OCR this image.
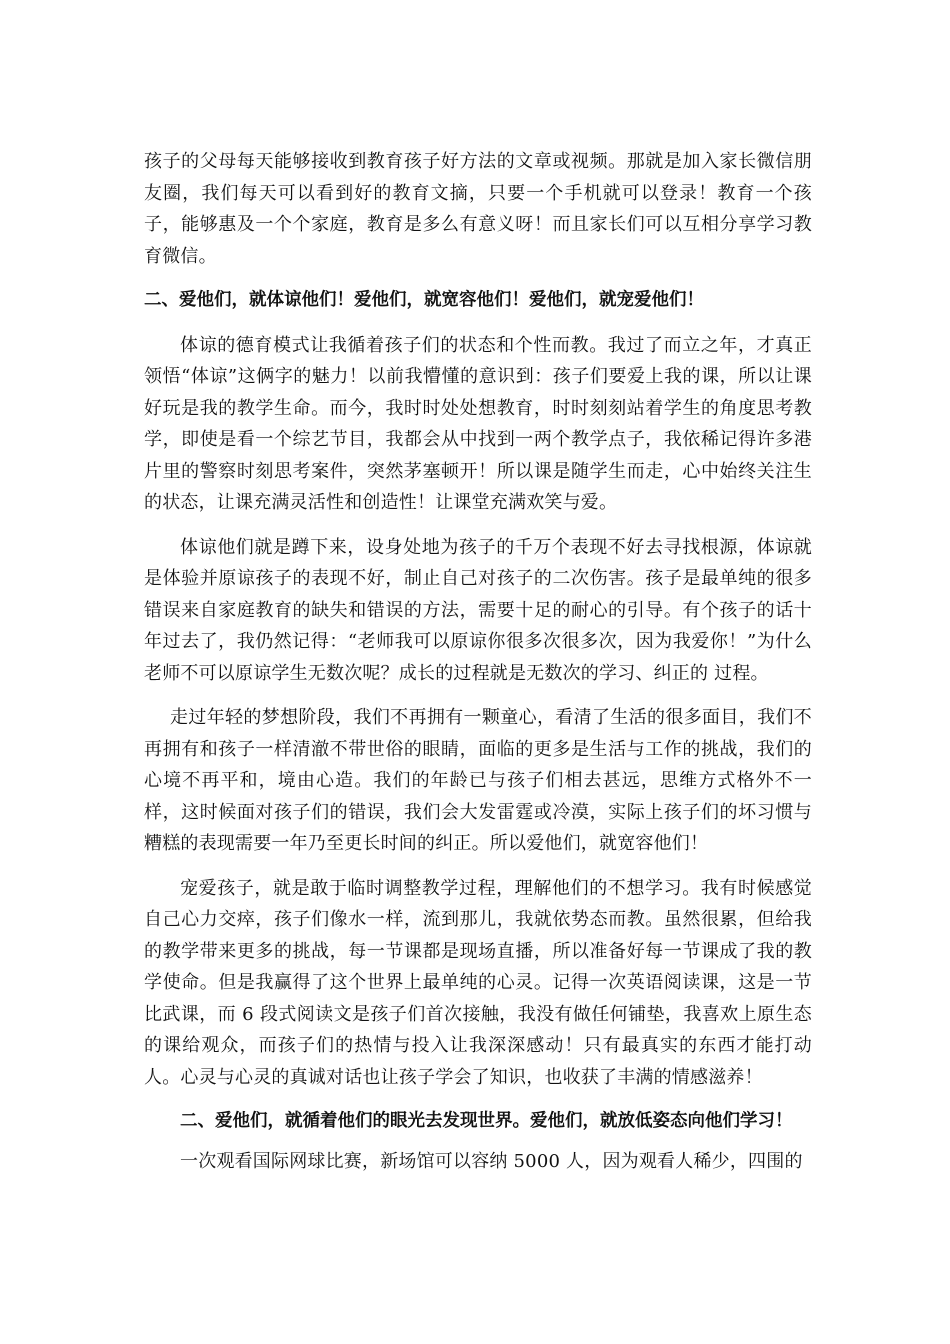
孩子的父母每天能够接收到教育孩子好方法的文章或视频。那就是加入家长微信朋友圈，我们每天可以看到好的教育文摘，只要一个手机就可以登录！教育一个孩子，能够惠及一个个家庭，教育是多么有意义呀！而且家长们可以互相分享学习教育微信。

二、爱他们，就体谅他们！爱他们，就宽容他们！爱他们，就宠爱他们！

体谅的德育模式让我循着孩子们的状态和个性而教。我过了而立之年，才真正领悟“体谅”这俩字的魅力！以前我懵懂的意识到：孩子们要爱上我的课，所以让课好玩是我的教学生命。而今，我时时处处想教育，时时刻刻站着学生的角度思考教学，即使是看一个综艺节目，我都会从中找到一两个教学点子，我依稀记得许多港片里的警察时刻思考案件，突然茅塞顿开！所以课是随学生而走，心中始终关注生的状态，让课充满灵活性和创造性！让课堂充满欢笑与爱。

体谅他们就是蹲下来，设身处地为孩子的千万个表现不好去寻找根源，体谅就是体验并原谅孩子的表现不好，制止自己对孩子的二次伤害。孩子是最单纯的很多错误来自家庭教育的缺失和错误的方法，需要十足的耐心的引导。有个孩子的话十年过去了，我仍然记得：“老师我可以原谅你很多次很多次，因为我爱你！”为什么老师不可以原谅学生无数次呢？成长的过程就是无数次的学习、纠正的 过程。

走过年轻的梦想阶段，我们不再拥有一颗童心，看清了生活的很多面目，我们不再拥有和孩子一样清澈不带世俗的眼睛，面临的更多是生活与工作的挑战，我们的心境不再平和，境由心造。我们的年龄已与孩子们相去甚远，思维方式格外不一样，这时候面对孩子们的错误，我们会大发雷霆或冷漠，实际上孩子们的坏习惯与糟糕的表现需要一年乃至更长时间的纠正。所以爱他们，就宽容他们！

宠爱孩子，就是敢于临时调整教学过程，理解他们的不想学习。我有时候感觉自己心力交瘁，孩子们像水一样，流到那儿，我就依势态而教。虽然很累，但给我的教学带来更多的挑战，每一节课都是现场直播，所以准备好每一节课成了我的教学使命。但是我赢得了这个世界上最单纯的心灵。记得一次英语阅读课，这是一节比武课，而 6 段式阅读文是孩子们首次接触，我没有做任何铺垫，我喜欢上原生态的课给观众，而孩子们的热情与投入让我深深感动！只有最真实的东西才能打动人。心灵与心灵的真诚对话也让孩子学会了知识，也收获了丰满的情感滋养！

二、爱他们，就循着他们的眼光去发现世界。爱他们，就放低姿态向他们学习！

一次观看国际网球比赛，新场馆可以容纳 5000 人，因为观看人稀少，四围的
